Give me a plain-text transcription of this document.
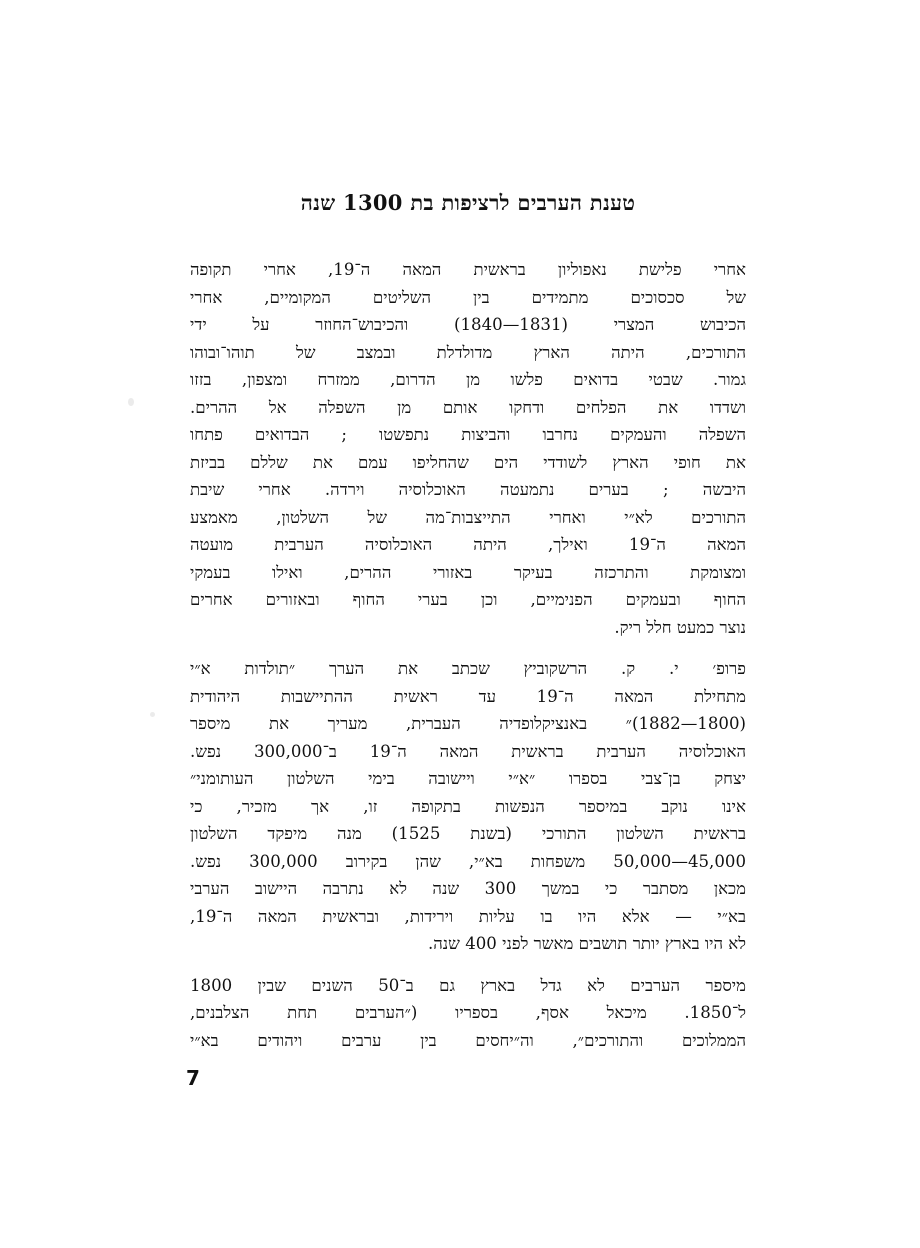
טענת הערבים לרציפות בת 1300 שנה
אחרי פלישת נאפוליון בראשית המאה ה־19, אחרי תקופה
של סכסוכים מתמידים בין השליטים המקומיים, אחרי
הכיבוש המצרי (1831—1840) והכיבוש־החוזר על ידי
התורכים, היתה הארץ מדולדלת ובמצב של תוהו־ובוהו
גמור. שבטי בדואים פלשו מן הדרום, ממזרח ומצפון, בזזו
ושדדו את הפלחים ודחקו אותם מן השפלה אל ההרים.
השפלה והעמקים נחרבו והביצות נתפשטו ; הבדואים פתחו
את חופי הארץ לשודדי הים שהחליפו עמם את שללם בביזת
היבשה ; בערים נתמעטה האוכלוסיה וירדה. אחרי שיבת
התורכים לא״י ואחרי התייצבות־מה של השלטון, מאמצע
המאה ה־19 ואילך, היתה האוכלוסיה הערבית מועטה
ומצומקת והתרכזה בעיקר באזורי ההרים, ואילו בעמקי
החוף ובעמקים הפנימיים, וכן בערי החוף ובאזורים אחרים
נוצר כמעט חלל ריק.
פרופ׳ י. ק. הרשקוביץ שכתב את הערך ״תולדות א״י
מתחילת המאה ה־19 עד ראשית ההתיישבות היהודית
(1800—1882)״ באנציקלופדיה העברית, מעריך את מיספר
האוכלוסיה הערבית בראשית המאה ה־19 ב־300,000 נפש.
יצחק בן־צבי בספרו ״א״י ויישובה בימי השלטון העותומני״
אינו נוקב במיספר הנפשות בתקופה זו, אך מזכיר, כי
בראשית השלטון התורכי (בשנת 1525) מנה מיפקד השלטון
45,000—50,000 משפחות בא״י, שהן בקירוב 300,000 נפש.
מכאן מסתבר כי במשך 300 שנה לא נתרבה היישוב הערבי
בא״י — אלא היו בו עליות וירידות, ובראשית המאה ה־19,
לא היו בארץ יותר תושבים מאשר לפני 400 שנה.
מיספר הערבים לא גדל בארץ גם ב־50 השנים שבין 1800
ל־1850. מיכאל אסף, בספריו (״הערבים תחת הצלבנים,
הממלוכים והתורכים״, וה״יחסים בין ערבים ויהודים בא״י
7
